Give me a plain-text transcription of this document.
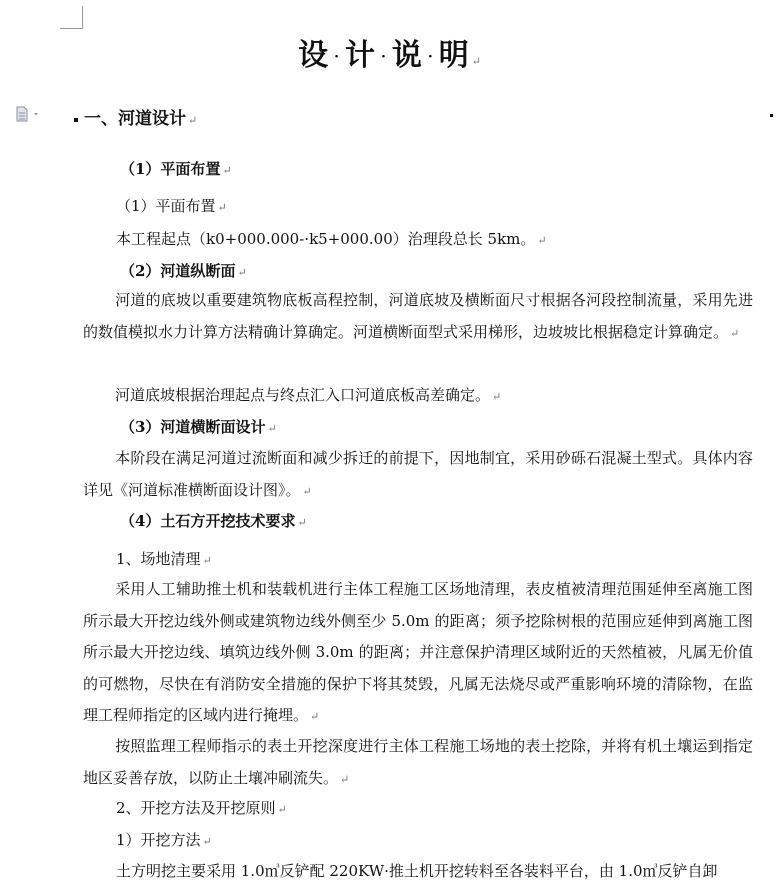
设 · 计 · 说 · 明 ↵
一、河道设计 ↵
（1）平面布置 ↵
（1）平面布置 ↵
本工程起点（k0+000.000-·k5+000.00）治理段总长 5km。 ↵
（2）河道纵断面 ↵
河道的底坡以重要建筑物底板高程控制，河道底坡及横断面尺寸根据各河段控制流量，采用先进的数值模拟水力计算方法精确计算确定。河道横断面型式采用梯形，边坡坡比根据稳定计算确定。 ↵
河道底坡根据治理起点与终点汇入口河道底板高差确定。 ↵
（3）河道横断面设计 ↵
本阶段在满足河道过流断面和减少拆迁的前提下，因地制宜，采用砂砾石混凝土型式。具体内容详见《河道标准横断面设计图》。 ↵
（4）土石方开挖技术要求 ↵
1、场地清理 ↵
采用人工辅助推土机和装载机进行主体工程施工区场地清理，表皮植被清理范围延伸至离施工图所示最大开挖边线外侧或建筑物边线外侧至少 5.0m 的距离；须予挖除树根的范围应延伸到离施工图所示最大开挖边线、填筑边线外侧 3.0m 的距离；并注意保护清理区域附近的天然植被，凡属无价值的可燃物，尽快在有消防安全措施的保护下将其焚毁，凡属无法烧尽或严重影响环境的清除物，在监理工程师指定的区域内进行掩埋。 ↵
按照监理工程师指示的表土开挖深度进行主体工程施工场地的表土挖除，并将有机土壤运到指定地区妥善存放，以防止土壤冲刷流失。 ↵
2、开挖方法及开挖原则 ↵
1）开挖方法 ↵
土方明挖主要采用 1.0㎥反铲配 220KW·推土机开挖转料至各装料平台，由 1.0㎥反铲自卸
